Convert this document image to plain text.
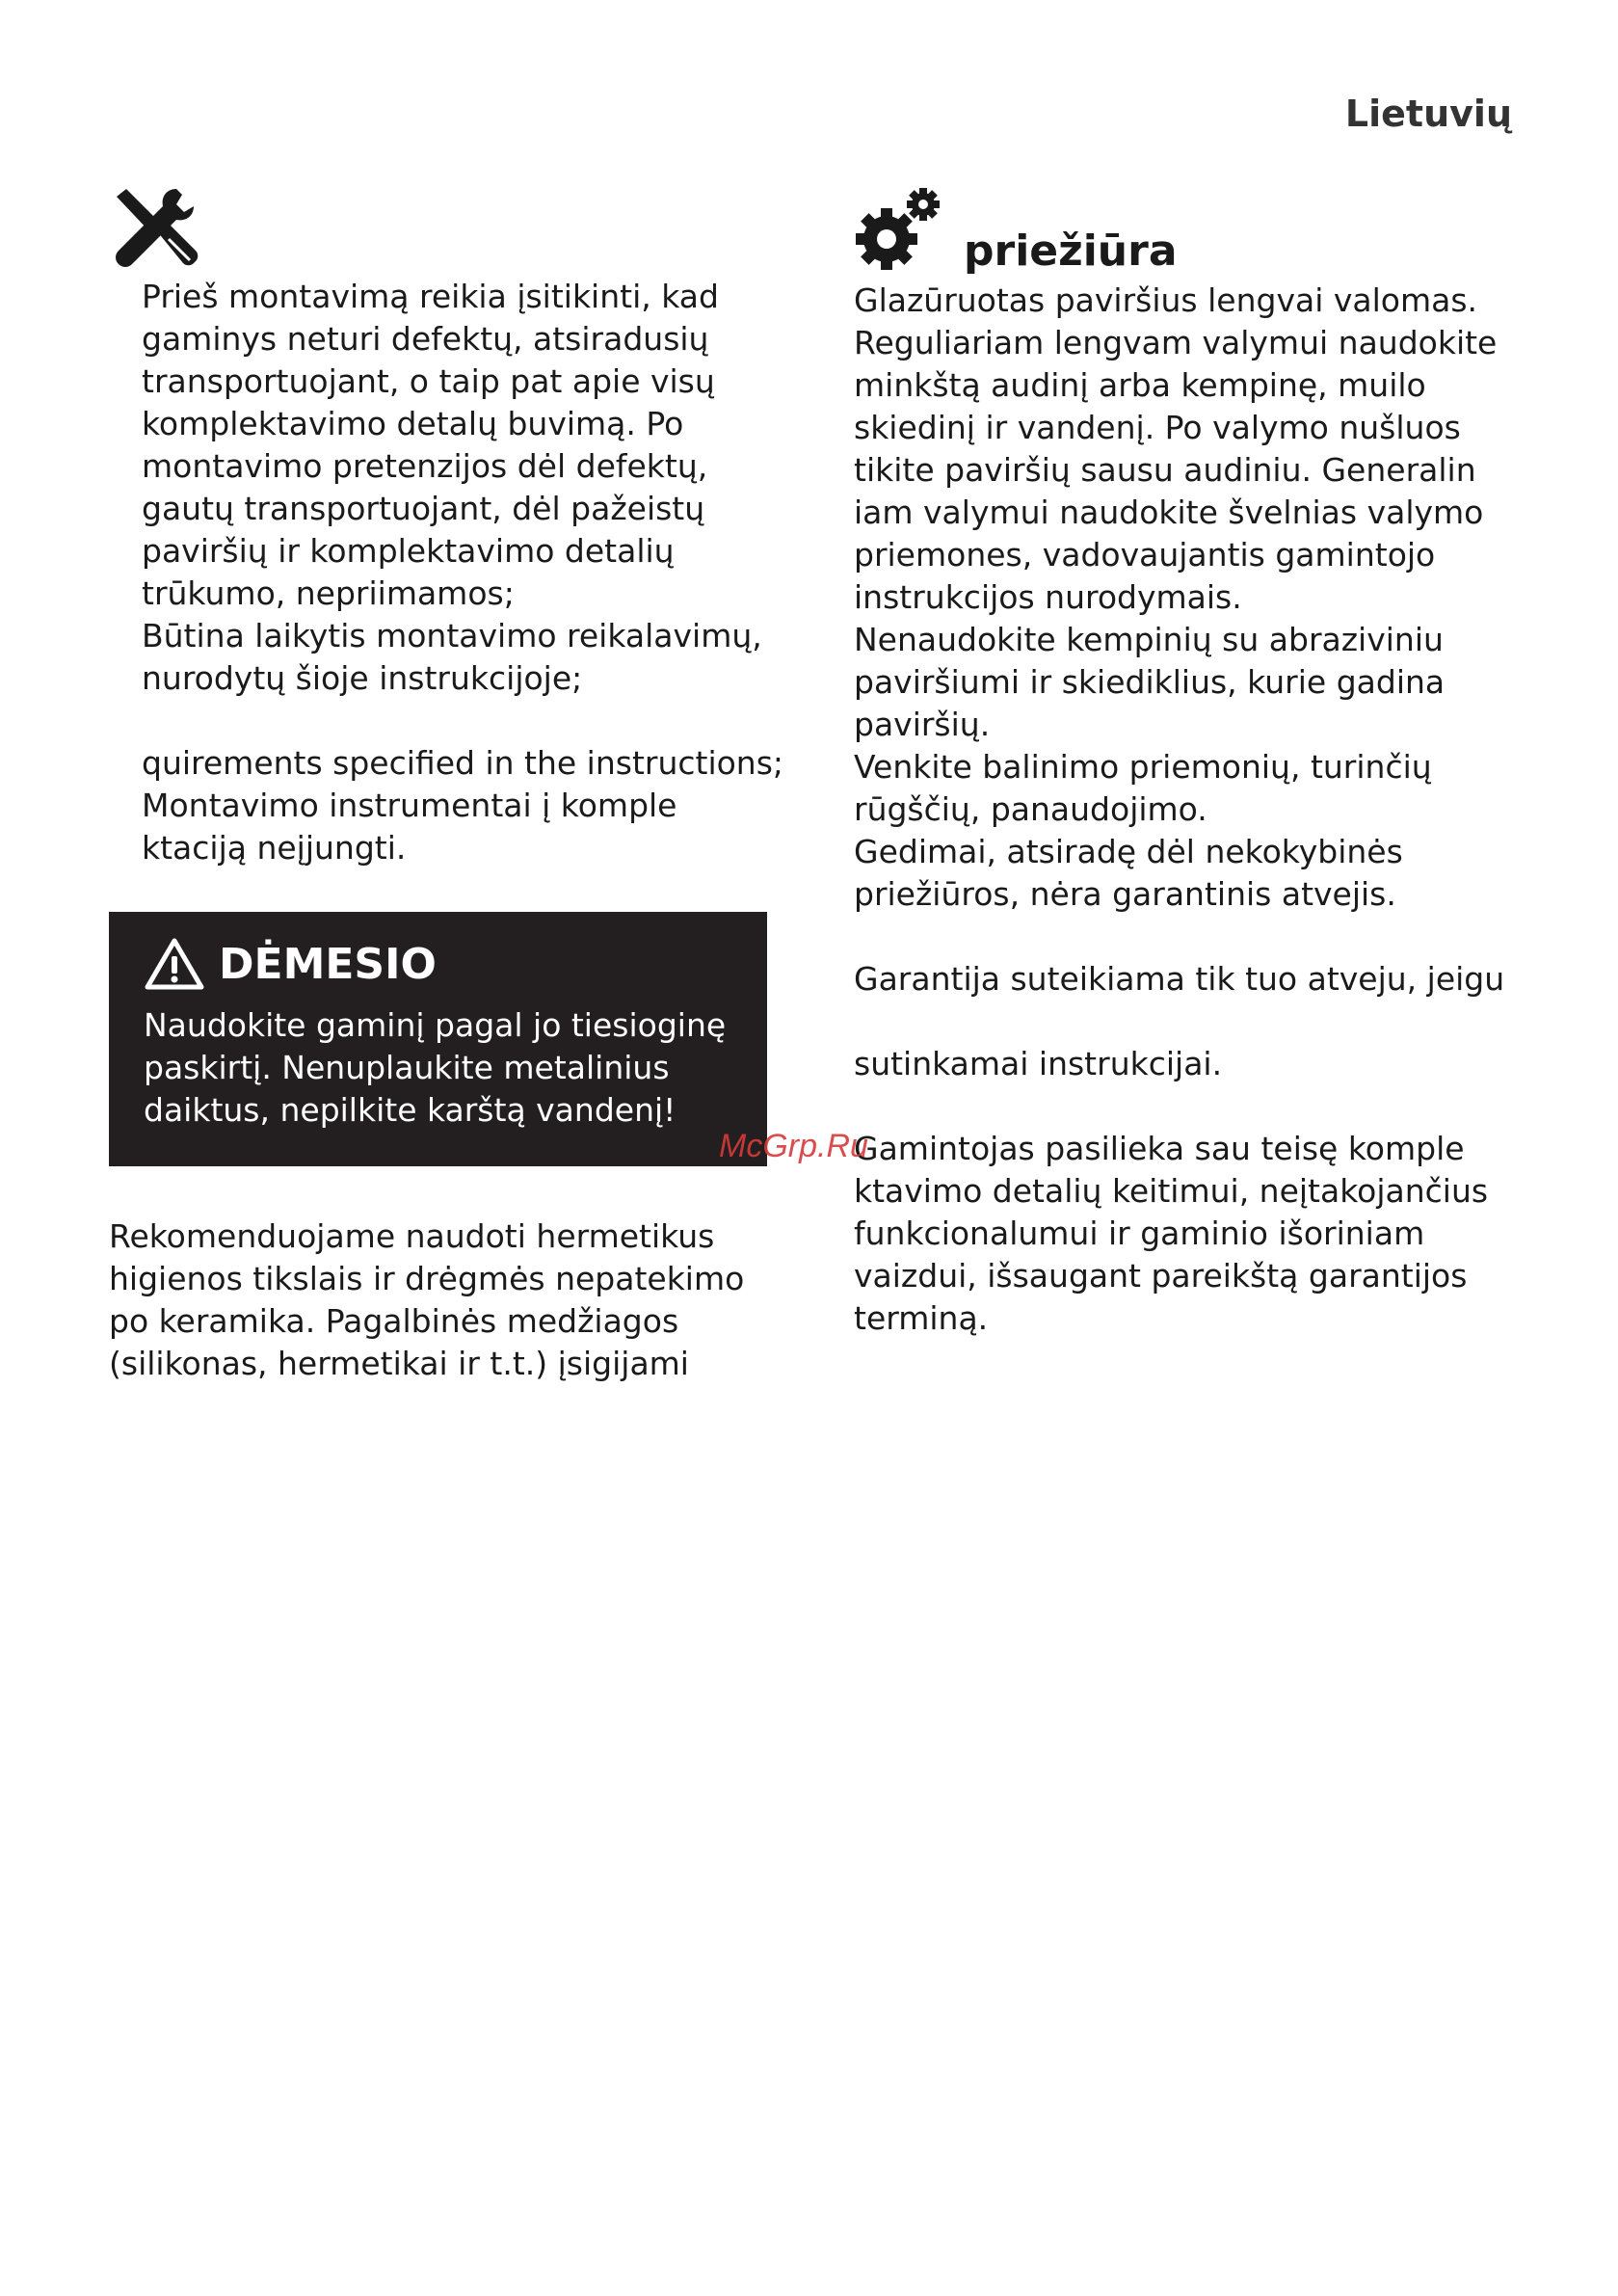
Lietuvių
Prieš montavimą reikia įsitikinti, kad
gaminys neturi defektų, atsiradusių
transportuojant, o taip pat apie visų
komplektavimo detalų buvimą. Po
montavimo pretenzijos dėl defektų,
gautų transportuojant, dėl pažeistų
paviršių ir komplektavimo detalių
trūkumo, nepriimamos;
Būtina laikytis montavimo reikalavimų,
nurodytų šioje instrukcijoje;
quirements specified in the instructions;
Montavimo instrumentai į komple
ktaciją neįjungti.
DĖMESIO
Naudokite gaminį pagal jo tiesioginę
paskirtį. Nenuplaukite metalinius
daiktus, nepilkite karštą vandenį!
Rekomenduojame naudoti hermetikus
higienos tikslais ir drėgmės nepatekimo
po keramika. Pagalbinės medžiagos
(silikonas, hermetikai ir t.t.) įsigijami
priežiūra
Glazūruotas paviršius lengvai valomas.
Reguliariam lengvam valymui naudokite
minkštą audinį arba kempinę, muilo
skiedinį ir vandenį. Po valymo nušluos
tikite paviršių sausu audiniu. Generalin
iam valymui naudokite švelnias valymo
priemones, vadovaujantis gamintojo
instrukcijos nurodymais.
Nenaudokite kempinių su abraziviniu
paviršiumi ir skiediklius, kurie gadina
paviršių.
Venkite balinimo priemonių, turinčių
rūgščių, panaudojimo.
Gedimai, atsiradę dėl nekokybinės
priežiūros, nėra garantinis atvejis.
Garantija suteikiama tik tuo atveju, jeigu
sutinkamai instrukcijai.
Gamintojas pasilieka sau teisę komple
ktavimo detalių keitimui, neįtakojančius
funkcionalumui ir gaminio išoriniam
vaizdui, išsaugant pareikštą garantijos
terminą.
McGrp.Ru
